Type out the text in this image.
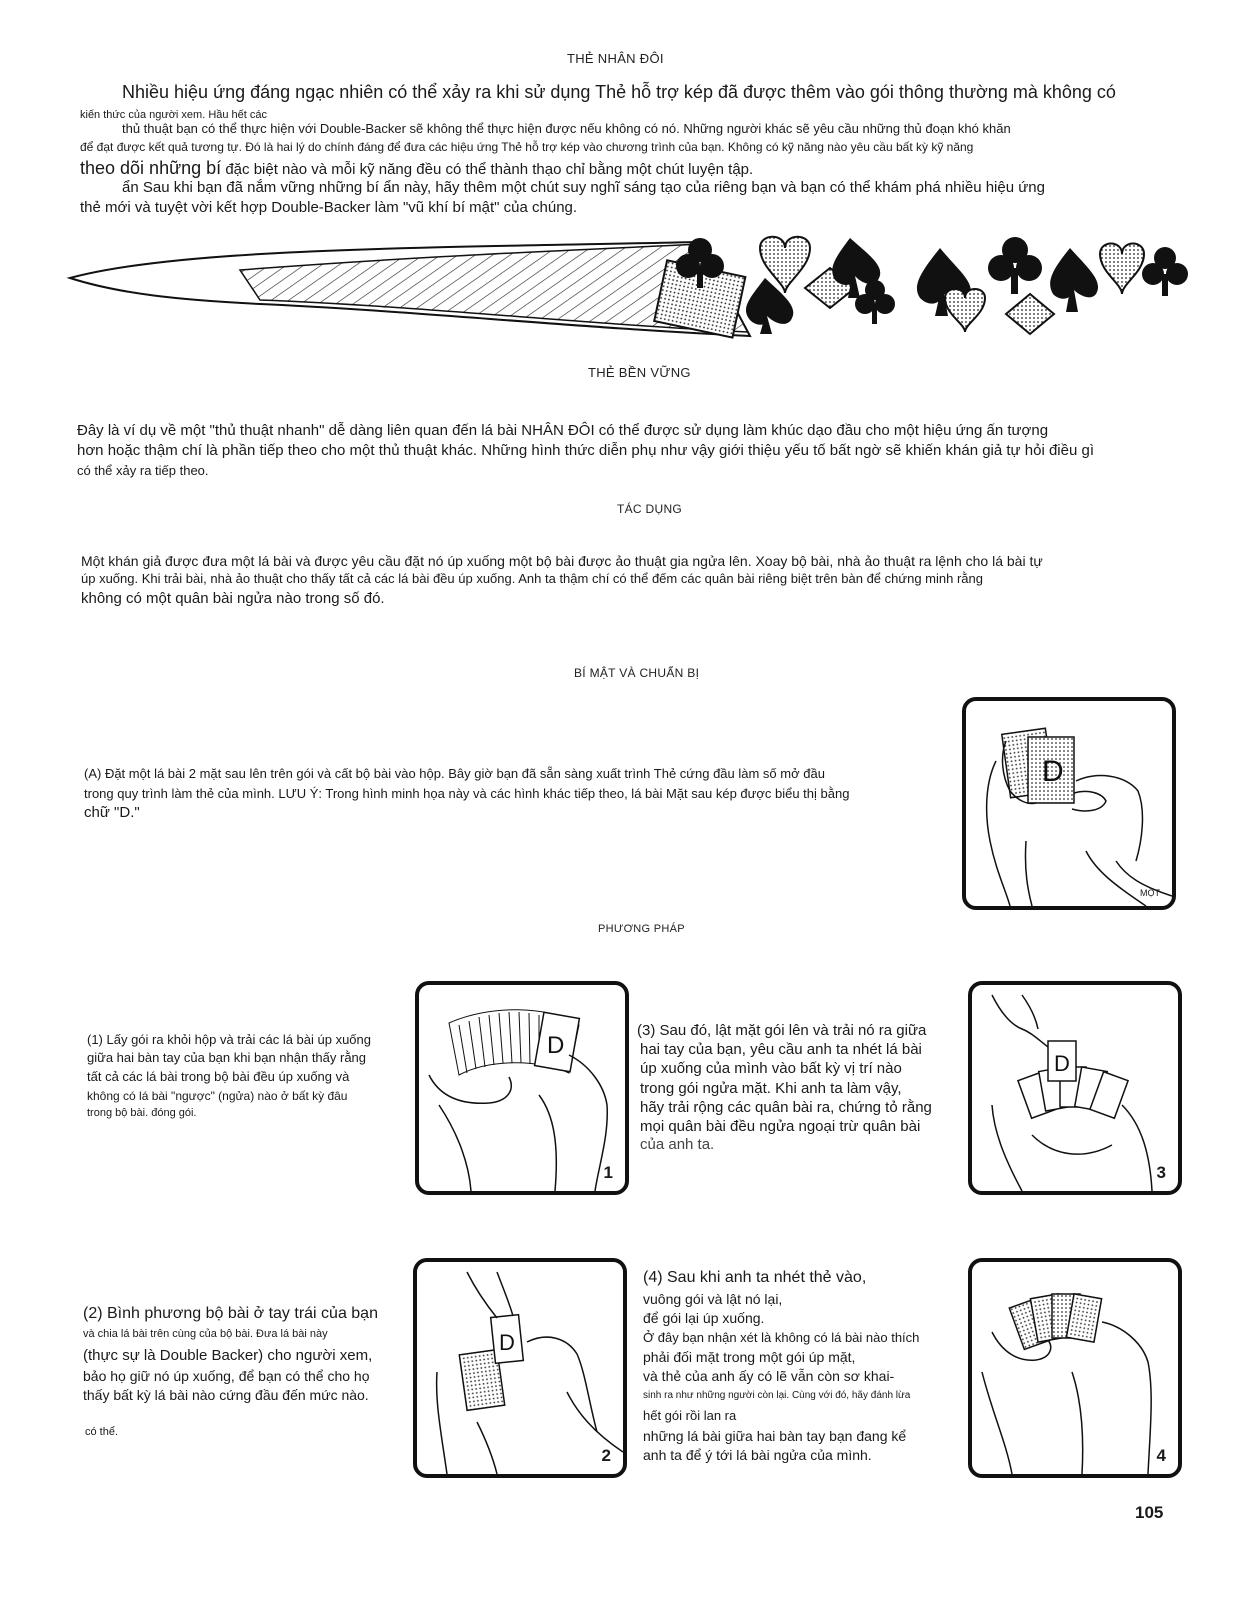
THẺ NHÂN ĐÔI
Nhiều hiệu ứng đáng ngạc nhiên có thể xảy ra khi sử dụng Thẻ hỗ trợ kép đã được thêm vào gói thông thường mà không có
kiến thức của người xem. Hầu hết các
thủ thuật bạn có thể thực hiện với Double-Backer sẽ không thể thực hiện được nếu không có nó. Những người khác sẽ yêu cầu những thủ đoạn khó khăn
để đạt được kết quả tương tự. Đó là hai lý do chính đáng để đưa các hiệu ứng Thẻ hỗ trợ kép vào chương trình của bạn. Không có kỹ năng nào yêu cầu bất kỳ kỹ năng
theo dõi những bí đặc biệt nào và mỗi kỹ năng đều có thể thành thạo chỉ bằng một chút luyện tập.
ẩn Sau khi bạn đã nắm vững những bí ẩn này, hãy thêm một chút suy nghĩ sáng tạo của riêng bạn và bạn có thể khám phá nhiều hiệu ứng
thẻ mới và tuyệt vời kết hợp Double-Backer làm "vũ khí bí mật" của chúng.
THẺ BỀN VỮNG
Đây là ví dụ về một "thủ thuật nhanh" dễ dàng liên quan đến lá bài NHÂN ĐÔI có thể được sử dụng làm khúc dạo đầu cho một hiệu ứng ấn tượng
hơn hoặc thậm chí là phần tiếp theo cho một thủ thuật khác. Những hình thức diễn phụ như vậy giới thiệu yếu tố bất ngờ sẽ khiến khán giả tự hỏi điều gì
có thể xảy ra tiếp theo.
TÁC DỤNG
Một khán giả được đưa một lá bài và được yêu cầu đặt nó úp xuống một bộ bài được ảo thuật gia ngửa lên. Xoay bộ bài, nhà ảo thuật ra lệnh cho lá bài tự
úp xuống. Khi trải bài, nhà ảo thuật cho thấy tất cả các lá bài đều úp xuống. Anh ta thậm chí có thể đếm các quân bài riêng biệt trên bàn để chứng minh rằng
không có một quân bài ngửa nào trong số đó.
BÍ MẬT VÀ CHUẨN BỊ
(A) Đặt một lá bài 2 mặt sau lên trên gói và cất bộ bài vào hộp. Bây giờ bạn đã sẵn sàng xuất trình Thẻ cứng đầu làm số mở đầu
trong quy trình làm thẻ của mình. LƯU Ý: Trong hình minh họa này và các hình khác tiếp theo, lá bài Mặt sau kép được biểu thị bằng
chữ "D."
D
MỘT
PHƯƠNG PHÁP
(1) Lấy gói ra khỏi hộp và trải các lá bài úp xuống
giữa hai bàn tay của bạn khi bạn nhận thấy rằng
tất cả các lá bài trong bộ bài đều úp xuống và
không có lá bài "ngược" (ngửa) nào ở bất kỳ đâu
trong bộ bài. đóng gói.
D
1
(3) Sau đó, lật mặt gói lên và trải nó ra giữa
hai tay của bạn, yêu cầu anh ta nhét lá bài
úp xuống của mình vào bất kỳ vị trí nào
trong gói ngửa mặt. Khi anh ta làm vậy,
hãy trải rộng các quân bài ra, chứng tỏ rằng
mọi quân bài đều ngửa ngoại trừ quân bài
của anh ta.
D
3
(2) Bình phương bộ bài ở tay trái của bạn
và chia lá bài trên cùng của bộ bài. Đưa lá bài này
(thực sự là Double Backer) cho người xem,
bảo họ giữ nó úp xuống, để bạn có thể cho họ
thấy bất kỳ lá bài nào cứng đầu đến mức nào.
có thể.
D
2
(4) Sau khi anh ta nhét thẻ vào,
vuông gói và lật nó lại,
để gói lại úp xuống.
Ở đây bạn nhận xét là không có lá bài nào thích
phải đối mặt trong một gói úp mặt,
và thẻ của anh ấy có lẽ vẫn còn sơ khai-
sinh ra như những người còn lại. Cùng với đó, hãy đánh lừa
hết gói rồi lan ra
những lá bài giữa hai bàn tay bạn đang kể
anh ta để ý tới lá bài ngửa của mình.	4
105
